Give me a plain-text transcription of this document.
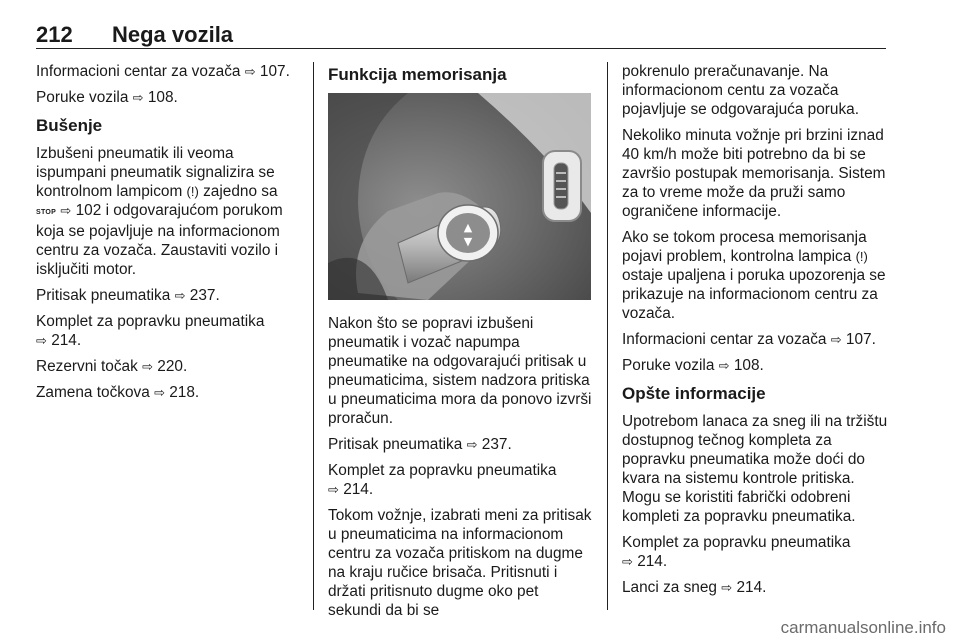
212 Nega vozila

Informacioni centar za vozača ⇨ 107.

Poruke vozila ⇨ 108.

Bušenje

Izbušeni pneumatik ili veoma ispumpani pneumatik signalizira se kontrolnom lampicom (!) zajedno sa STOP ⇨ 102 i odgovarajućom porukom koja se pojavljuje na informacionom centru za vozača. Zaustaviti vozilo i isključiti motor.

Pritisak pneumatika ⇨ 237.

Komplet za popravku pneumatika
⇨ 214.

Rezervni točak ⇨ 220.

Zamena točkova ⇨ 218.

Funkcija memorisanja
▲
▼

Nakon što se popravi izbušeni pneumatik i vozač napumpa pneumatike na odgovarajući pritisak u pneumaticima, sistem nadzora pritiska u pneumaticima mora da ponovo izvrši proračun.

Pritisak pneumatika ⇨ 237.

Komplet za popravku pneumatika
⇨ 214.

Tokom vožnje, izabrati meni za pritisak u pneumaticima na informacionom centru za vozača pritiskom na dugme na kraju ručice brisača. Pritisnuti i držati pritisnuto dugme oko pet sekundi da bi se

pokrenulo preračunavanje. Na informacionom centu za vozača pojavljuje se odgovarajuća poruka.

Nekoliko minuta vožnje pri brzini iznad 40 km/h može biti potrebno da bi se završio postupak memorisanja. Sistem za to vreme može da pruži samo ograničene informacije.

Ako se tokom procesa memorisanja pojavi problem, kontrolna lampica (!) ostaje upaljena i poruka upozorenja se prikazuje na informacionom centru za vozača.

Informacioni centar za vozača ⇨ 107.

Poruke vozila ⇨ 108.

Opšte informacije

Upotrebom lanaca za sneg ili na tržištu dostupnog tečnog kompleta za popravku pneumatika može doći do kvara na sistemu kontrole pritiska. Mogu se koristiti fabrički odobreni kompleti za popravku pneumatika.

Komplet za popravku pneumatika
⇨ 214.

Lanci za sneg ⇨ 214.

carmanualsonline.info
